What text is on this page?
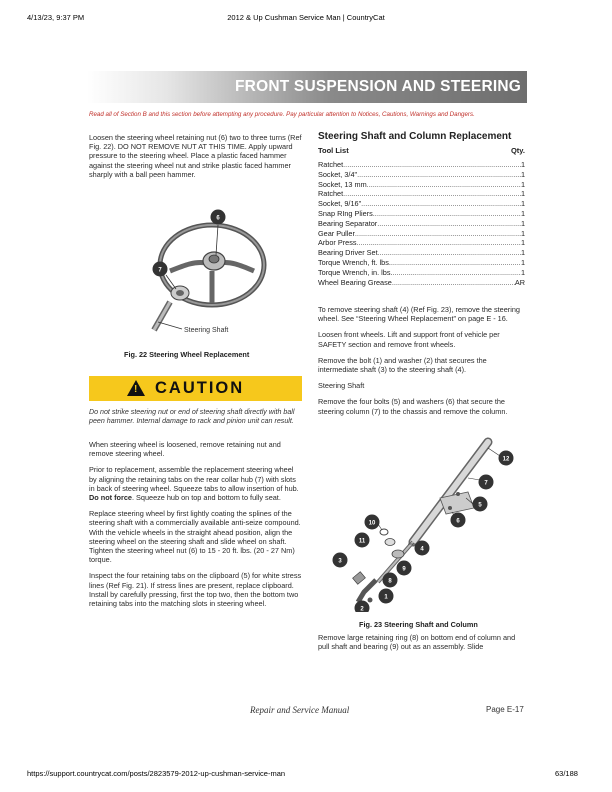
4/13/23, 9:37 PM	2012 & Up Cushman Service Man | CountryCat
https://support.countrycat.com/posts/2823579-2012-up-cushman-service-man	63/188
FRONT SUSPENSION AND STEERING
Read all of Section B and this section before attempting any procedure. Pay particular attention to Notices, Cautions, Warnings and Dangers.

Loosen the steering wheel retaining nut (6) two to three turns (Ref Fig. 22). DO NOT REMOVE NUT AT THIS TIME. Apply upward pressure to the steering wheel. Place a plastic faced hammer against the steering wheel nut and strike plastic faced hammer sharply with a ball peen hammer.

6
7
Steering Shaft
Fig. 22 Steering Wheel Replacement
! CAUTION
Do not strike steering nut or end of steering shaft directly with ball peen hammer. Internal damage to rack and pinion unit can result.

When steering wheel is loosened, remove retaining nut and remove steering wheel.

Prior to replacement, assemble the replacement steering wheel by aligning the retaining tabs on the rear collar hub (7) with slots in back of steering wheel. Squeeze tabs to allow insertion of hub. Do not force. Squeeze hub on top and bottom to fully seat.

Replace steering wheel by first lightly coating the splines of the steering shaft with a commercially available anti-seize compound. With the vehicle wheels in the straight ahead position, align the steering wheel on the steering shaft and slide wheel on shaft. Tighten the steering wheel nut (6) to 15 - 20 ft. lbs. (20 - 27 Nm) torque.

Inspect the four retaining tabs on the clipboard (5) for white stress lines (Ref Fig. 21). If stress lines are present, replace clipboard. Install by carefully pressing, first the top two, then the bottom two retaining tabs into the matching slots in steering wheel.

Steering Shaft and Column Replacement
Tool List	Qty.
Ratchet .....	1
Socket, 3/4" .....	1
Socket, 13 mm .....	1
Ratchet .....	1
Socket, 9/16" .....	1
Snap RIng Pliers .....	1
Bearing Separator .....	1
Gear Puller .....	1
Arbor Press .....	1
Bearing Driver Set .....	1
Torque Wrench, ft. lbs. .....	1
Torque Wrench, in. lbs. .....	1
Wheel Bearing Grease .....	AR

To remove steering shaft (4) (Ref Fig. 23), remove the steering wheel. See “Steering Wheel Replacement” on page E - 16.

Loosen front wheels. Lift and support front of vehicle per SAFETY section and remove front wheels.

Remove the bolt (1) and washer (2) that secures the intermediate shaft (3) to the steering shaft (4).

Steering Shaft

Remove the four bolts (5) and washers (6) that secure the steering column (7) to the chassis and remove the column.

12
7
5
6
10
4
11
9
3
8
2
1
Fig. 23 Steering Shaft and Column

Remove large retaining ring (8) on bottom end of column and pull shaft and bearing (9) out as an assembly. Slide

Repair and Service Manual	Page E-17
